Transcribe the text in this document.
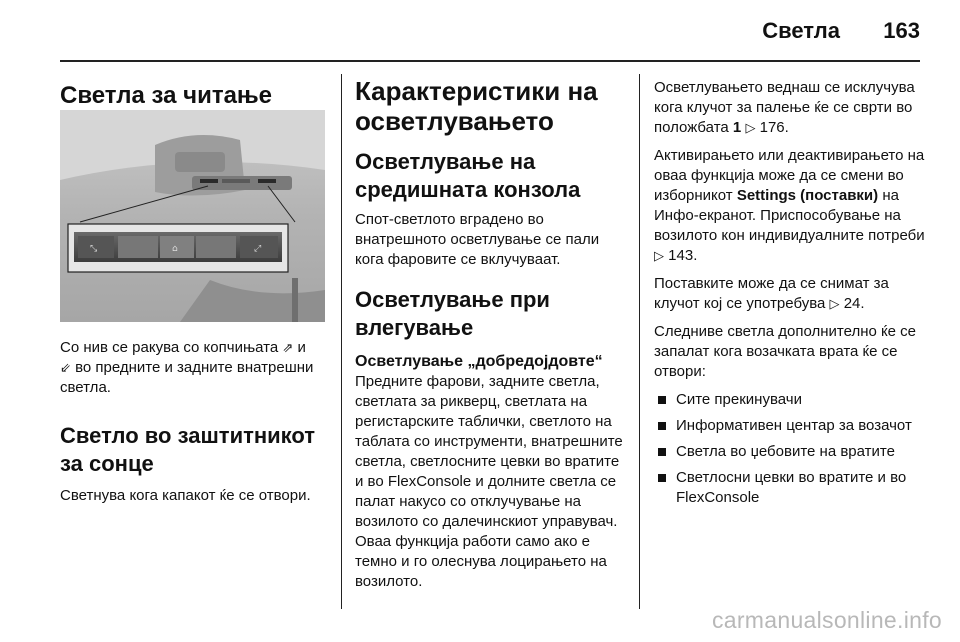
Светла 163
Светла за читање
⤡	⌂	⤢

Со нив се ракува со копчињата ⇗ и
⇙ во предните и задните внатрешни светла.

Светло во заштитникот за сонце

Светнува кога капакот ќе се отвори.

Карактеристики на осветлувањето
Осветлување на средишната конзола

Спот-светлото вградено во внатрешното осветлување се пали кога фаровите се вклучуваат.

Осветлување при влегување
Осветлување „добредојдовте“

Предните фарови, задните светла, светлата за рикверц, светлата на регистарските таблички, светлото на таблата со инструменти, внатрешните светла, светлосните цевки во вратите и во FlexConsole и долните светла се палат накусо со отклучување на возилото со далечинскиот управувач. Оваа функција работи само ако е темно и го олеснува лоцирањето на возилото.

Осветлувањето веднаш се исклучува кога клучот за палење ќе се сврти во положбата 1 ▷ 176.

Активирањето или деактивирањето на оваа функција може да се смени во изборникот Settings (поставки) на Инфо-екранот. Приспособување на возилото кон индивидуалните потреби ▷ 143.

Поставките може да се снимат за клучот кој се употребува ▷ 24.

Следниве светла дополнително ќе се запалат кога возачката врата ќе се отвори:

Сите прекинувачи
Информативен центар за возачот
Светла во џебовите на вратите
Светлосни цевки во вратите и во FlexConsole
carmanualsonline.info
